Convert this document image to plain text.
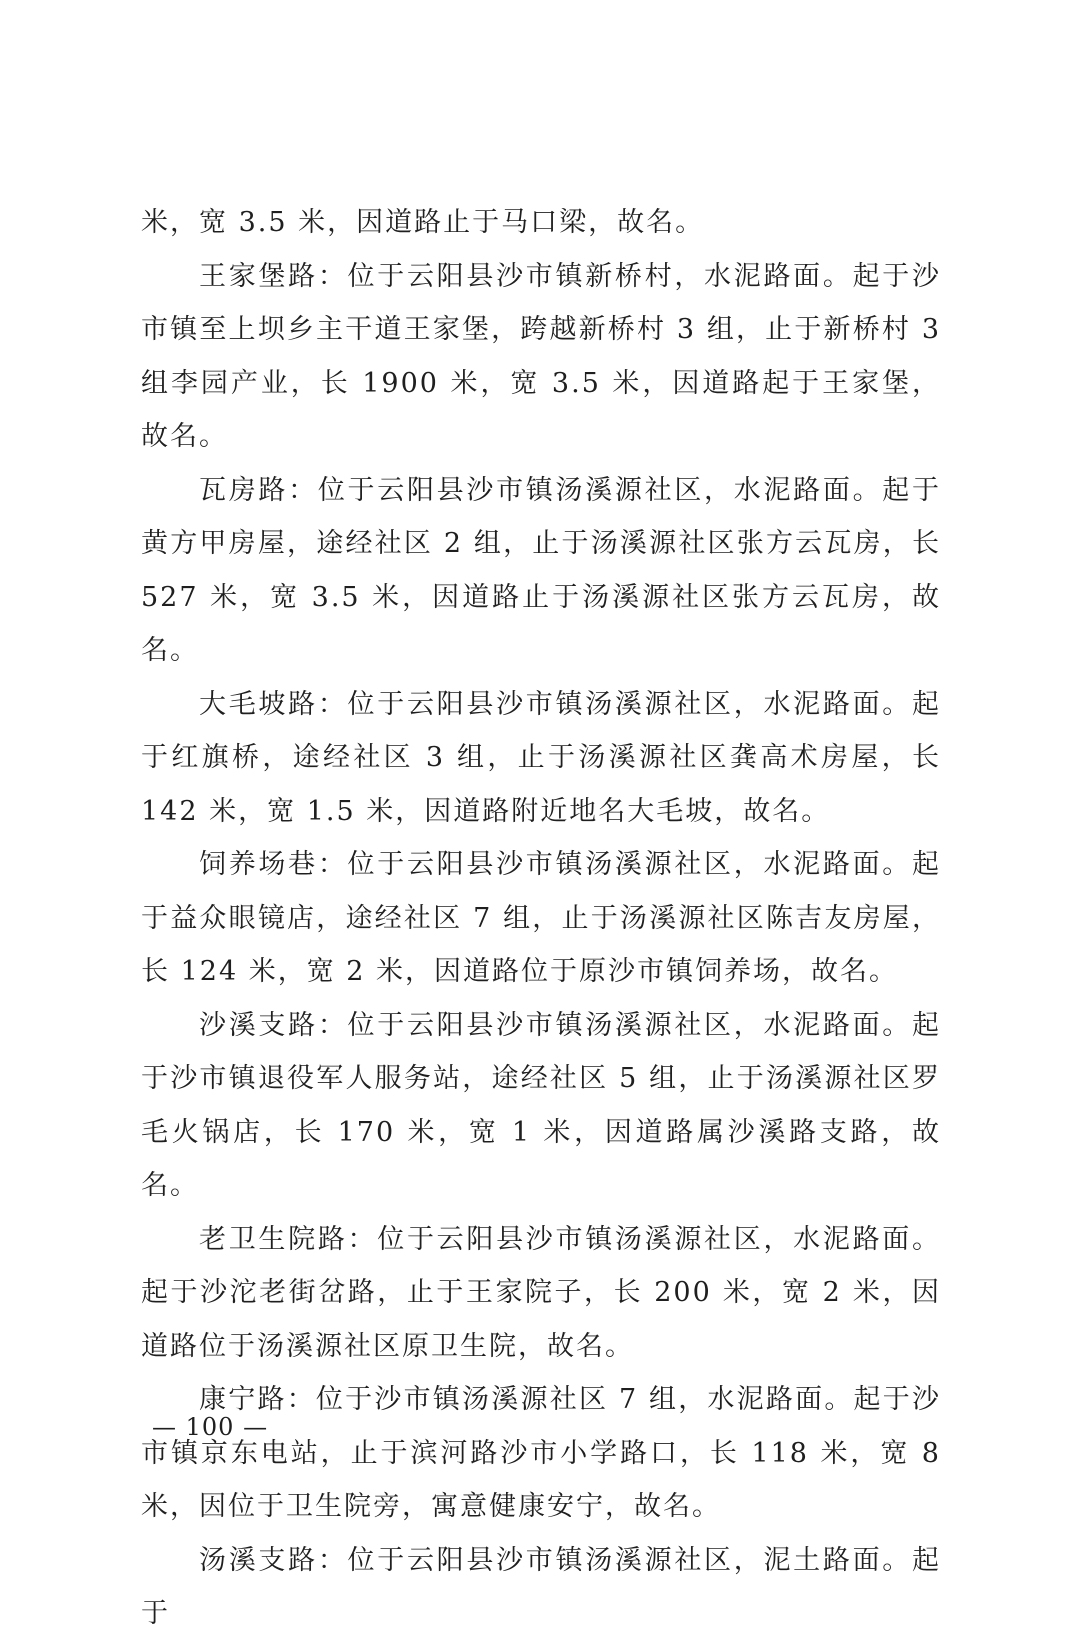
米，宽 3.5 米，因道路止于马口梁，故名。

王家堡路：位于云阳县沙市镇新桥村，水泥路面。起于沙市镇至上坝乡主干道王家堡，跨越新桥村 3 组，止于新桥村 3 组李园产业，长 1900 米，宽 3.5 米，因道路起于王家堡，故名。

瓦房路：位于云阳县沙市镇汤溪源社区，水泥路面。起于黄方甲房屋，途经社区 2 组，止于汤溪源社区张方云瓦房，长 527 米，宽 3.5 米，因道路止于汤溪源社区张方云瓦房，故名。

大毛坡路：位于云阳县沙市镇汤溪源社区，水泥路面。起于红旗桥，途经社区 3 组，止于汤溪源社区龚高术房屋，长 142 米，宽 1.5 米，因道路附近地名大毛坡，故名。

饲养场巷：位于云阳县沙市镇汤溪源社区，水泥路面。起于益众眼镜店，途经社区 7 组，止于汤溪源社区陈吉友房屋，长 124 米，宽 2 米，因道路位于原沙市镇饲养场，故名。

沙溪支路：位于云阳县沙市镇汤溪源社区，水泥路面。起于沙市镇退役军人服务站，途经社区 5 组，止于汤溪源社区罗毛火锅店，长 170 米，宽 1 米，因道路属沙溪路支路，故名。

老卫生院路：位于云阳县沙市镇汤溪源社区，水泥路面。起于沙沱老街岔路，止于王家院子，长 200 米，宽 2 米，因道路位于汤溪源社区原卫生院，故名。

康宁路：位于沙市镇汤溪源社区 7 组，水泥路面。起于沙市镇京东电站，止于滨河路沙市小学路口，长 118 米，宽 8 米，因位于卫生院旁，寓意健康安宁，故名。

汤溪支路：位于云阳县沙市镇汤溪源社区，泥土路面。起于

— 100 —
